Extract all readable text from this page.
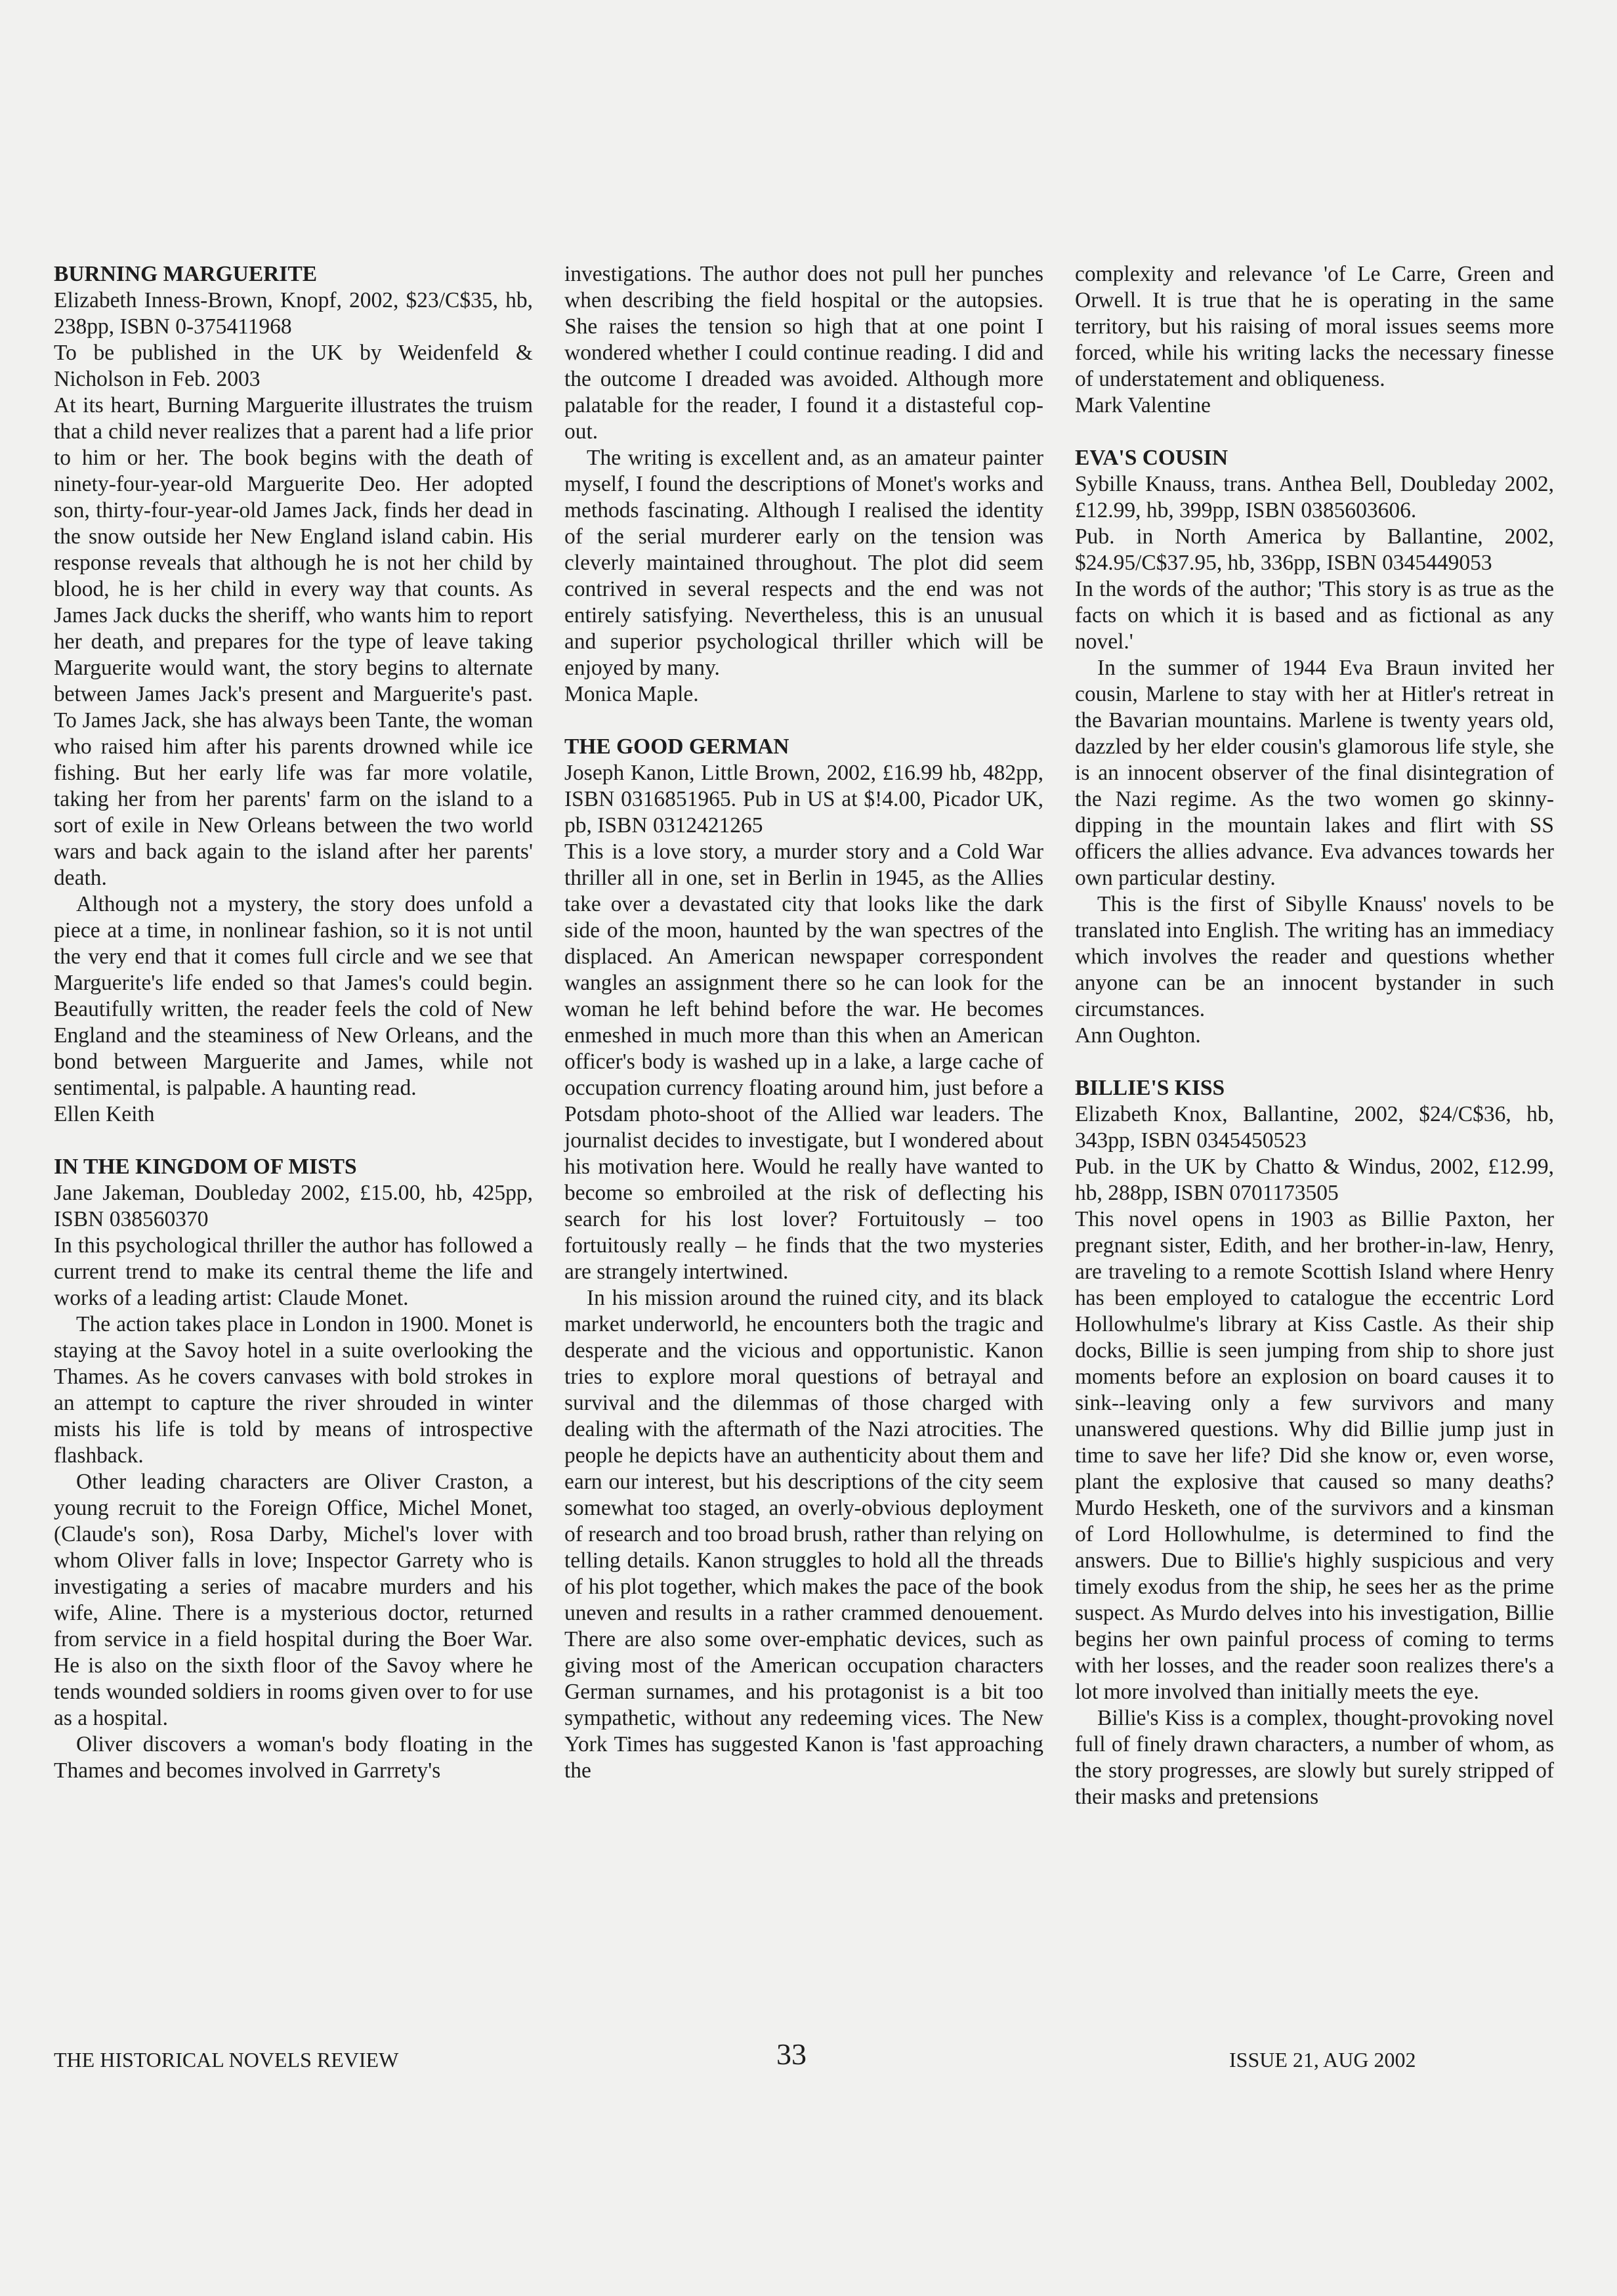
BURNING MARGUERITE

Elizabeth Inness-Brown, Knopf, 2002, $23/C$35, hb, 238pp, ISBN 0-375411968

To be published in the UK by Weidenfeld & Nicholson in Feb. 2003

At its heart, Burning Marguerite illustrates the truism that a child never realizes that a parent had a life prior to him or her. The book begins with the death of ninety-four-year-old Marguerite Deo. Her adopted son, thirty-four-year-old James Jack, finds her dead in the snow outside her New England island cabin. His response reveals that although he is not her child by blood, he is her child in every way that counts. As James Jack ducks the sheriff, who wants him to report her death, and prepares for the type of leave taking Marguerite would want, the story begins to alternate between James Jack's present and Marguerite's past. To James Jack, she has always been Tante, the woman who raised him after his parents drowned while ice fishing. But her early life was far more volatile, taking her from her parents' farm on the island to a sort of exile in New Orleans between the two world wars and back again to the island after her parents' death.

Although not a mystery, the story does unfold a piece at a time, in nonlinear fashion, so it is not until the very end that it comes full circle and we see that Marguerite's life ended so that James's could begin. Beautifully written, the reader feels the cold of New England and the steaminess of New Orleans, and the bond between Marguerite and James, while not sentimental, is palpable. A haunting read.

Ellen Keith

IN THE KINGDOM OF MISTS

Jane Jakeman, Doubleday 2002, £15.00, hb, 425pp, ISBN 038560370

In this psychological thriller the author has followed a current trend to make its central theme the life and works of a leading artist: Claude Monet.

The action takes place in London in 1900. Monet is staying at the Savoy hotel in a suite overlooking the Thames. As he covers canvases with bold strokes in an attempt to capture the river shrouded in winter mists his life is told by means of introspective flashback.

Other leading characters are Oliver Craston, a young recruit to the Foreign Office, Michel Monet, (Claude's son), Rosa Darby, Michel's lover with whom Oliver falls in love; Inspector Garrety who is investigating a series of macabre murders and his wife, Aline. There is a mysterious doctor, returned from service in a field hospital during the Boer War. He is also on the sixth floor of the Savoy where he tends wounded soldiers in rooms given over to for use as a hospital.

Oliver discovers a woman's body floating in the Thames and becomes involved in Garrrety's

investigations. The author does not pull her punches when describing the field hospital or the autopsies. She raises the tension so high that at one point I wondered whether I could continue reading. I did and the outcome I dreaded was avoided. Although more palatable for the reader, I found it a distasteful cop-out.

The writing is excellent and, as an amateur painter myself, I found the descriptions of Monet's works and methods fascinating. Although I realised the identity of the serial murderer early on the tension was cleverly maintained throughout. The plot did seem contrived in several respects and the end was not entirely satisfying. Nevertheless, this is an unusual and superior psychological thriller which will be enjoyed by many.

Monica Maple.

THE GOOD GERMAN

Joseph Kanon, Little Brown, 2002, £16.99 hb, 482pp, ISBN 0316851965. Pub in US at $!4.00, Picador UK, pb, ISBN 0312421265

This is a love story, a murder story and a Cold War thriller all in one, set in Berlin in 1945, as the Allies take over a devastated city that looks like the dark side of the moon, haunted by the wan spectres of the displaced. An American newspaper correspondent wangles an assignment there so he can look for the woman he left behind before the war. He becomes enmeshed in much more than this when an American officer's body is washed up in a lake, a large cache of occupation currency floating around him, just before a Potsdam photo-shoot of the Allied war leaders. The journalist decides to investigate, but I wondered about his motivation here. Would he really have wanted to become so embroiled at the risk of deflecting his search for his lost lover? Fortuitously – too fortuitously really – he finds that the two mysteries are strangely intertwined.

In his mission around the ruined city, and its black market underworld, he encounters both the tragic and desperate and the vicious and opportunistic. Kanon tries to explore moral questions of betrayal and survival and the dilemmas of those charged with dealing with the aftermath of the Nazi atrocities. The people he depicts have an authenticity about them and earn our interest, but his descriptions of the city seem somewhat too staged, an overly-obvious deployment of research and too broad brush, rather than relying on telling details. Kanon struggles to hold all the threads of his plot together, which makes the pace of the book uneven and results in a rather crammed denouement. There are also some over-emphatic devices, such as giving most of the American occupation characters German surnames, and his protagonist is a bit too sympathetic, without any redeeming vices. The New York Times has suggested Kanon is 'fast approaching the

complexity and relevance 'of Le Carre, Green and Orwell. It is true that he is operating in the same territory, but his raising of moral issues seems more forced, while his writing lacks the necessary finesse of understatement and obliqueness.

Mark Valentine

EVA'S COUSIN

Sybille Knauss, trans. Anthea Bell, Doubleday 2002, £12.99, hb, 399pp, ISBN 0385603606.

Pub. in North America by Ballantine, 2002, $24.95/C$37.95, hb, 336pp, ISBN 0345449053

In the words of the author; 'This story is as true as the facts on which it is based and as fictional as any novel.'

In the summer of 1944 Eva Braun invited her cousin, Marlene to stay with her at Hitler's retreat in the Bavarian mountains. Marlene is twenty years old, dazzled by her elder cousin's glamorous life style, she is an innocent observer of the final disintegration of the Nazi regime. As the two women go skinny-dipping in the mountain lakes and flirt with SS officers the allies advance. Eva advances towards her own particular destiny.

This is the first of Sibylle Knauss' novels to be translated into English. The writing has an immediacy which involves the reader and questions whether anyone can be an innocent bystander in such circumstances.

Ann Oughton.

BILLIE'S KISS

Elizabeth Knox, Ballantine, 2002, $24/C$36, hb, 343pp, ISBN 0345450523

Pub. in the UK by Chatto & Windus, 2002, £12.99, hb, 288pp, ISBN 0701173505

This novel opens in 1903 as Billie Paxton, her pregnant sister, Edith, and her brother-in-law, Henry, are traveling to a remote Scottish Island where Henry has been employed to catalogue the eccentric Lord Hollowhulme's library at Kiss Castle. As their ship docks, Billie is seen jumping from ship to shore just moments before an explosion on board causes it to sink--leaving only a few survivors and many unanswered questions. Why did Billie jump just in time to save her life? Did she know or, even worse, plant the explosive that caused so many deaths? Murdo Hesketh, one of the survivors and a kinsman of Lord Hollowhulme, is determined to find the answers. Due to Billie's highly suspicious and very timely exodus from the ship, he sees her as the prime suspect. As Murdo delves into his investigation, Billie begins her own painful process of coming to terms with her losses, and the reader soon realizes there's a lot more involved than initially meets the eye.

Billie's Kiss is a complex, thought-provoking novel full of finely drawn characters, a number of whom, as the story progresses, are slowly but surely stripped of their masks and pretensions

THE HISTORICAL NOVELS REVIEW	33	ISSUE 21, AUG 2002
